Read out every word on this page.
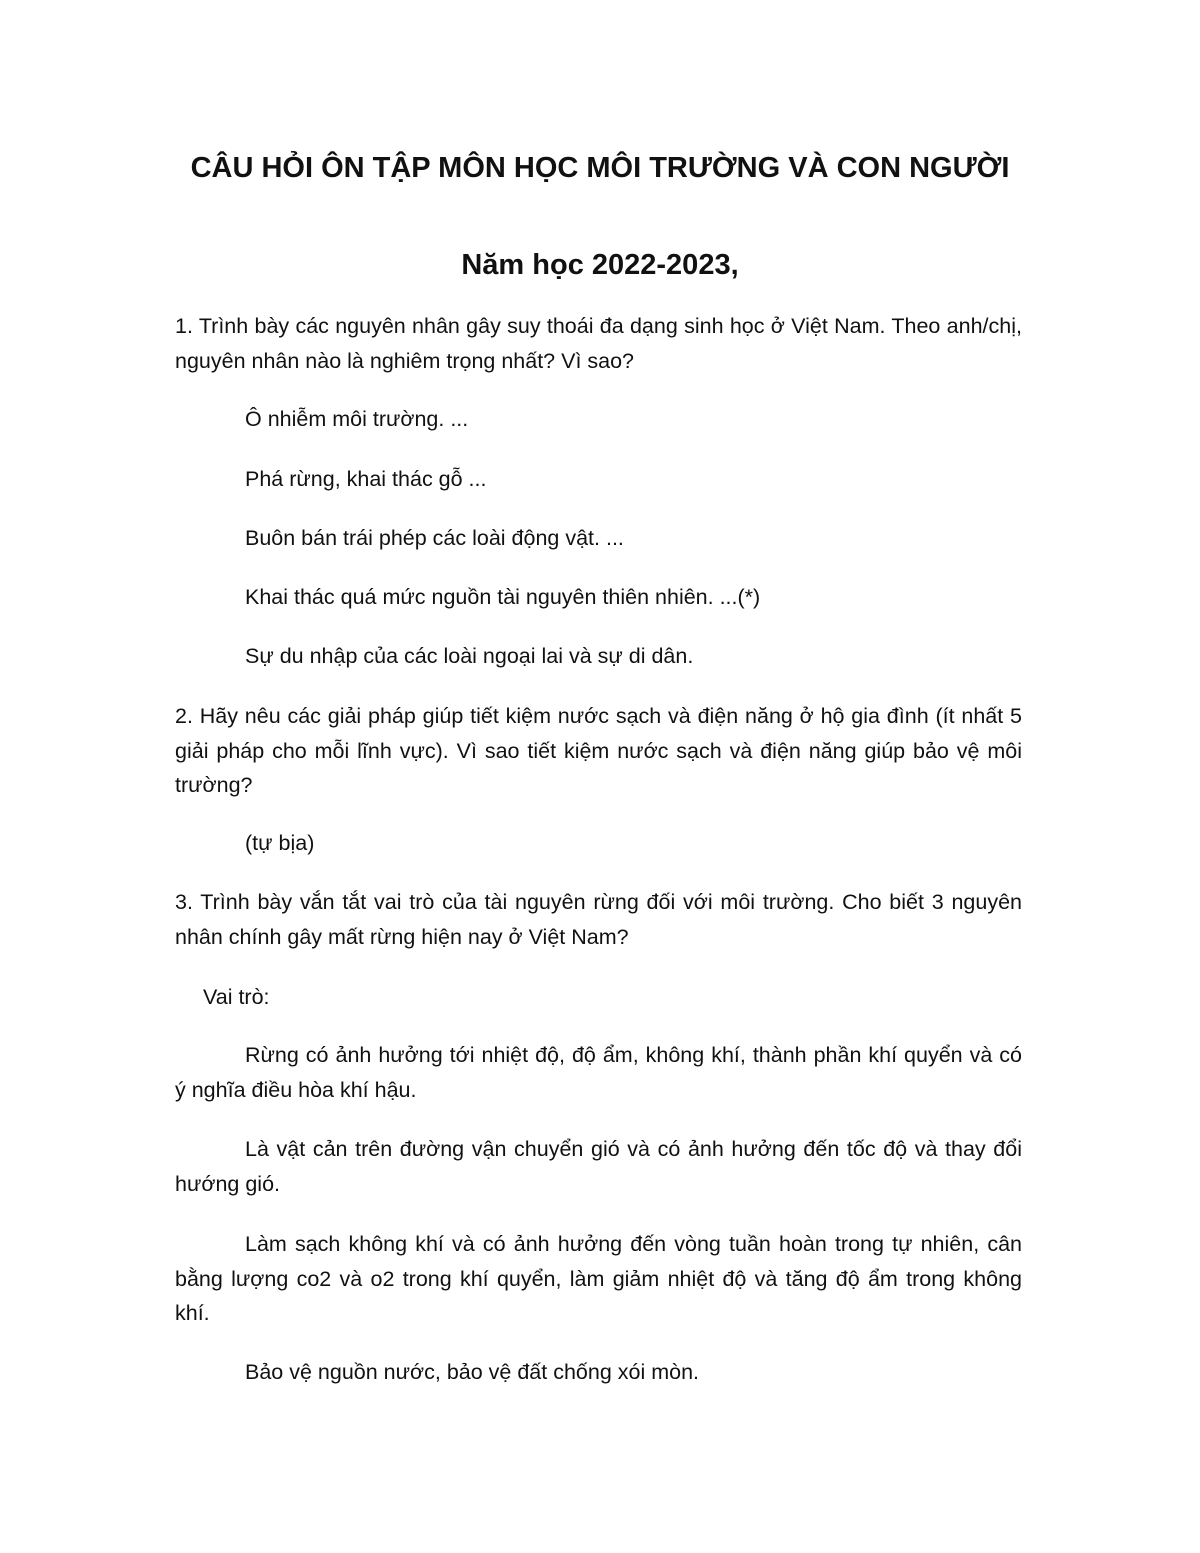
CÂU HỎI ÔN TẬP MÔN HỌC MÔI TRƯỜNG VÀ CON NGƯỜI
Năm học 2022-2023,

1. Trình bày các nguyên nhân gây suy thoái đa dạng sinh học ở Việt Nam. Theo anh/chị, nguyên nhân nào là nghiêm trọng nhất? Vì sao?

Ô nhiễm môi trường. ...

Phá rừng, khai thác gỗ ...

Buôn bán trái phép các loài động vật. ...

Khai thác quá mức nguồn tài nguyên thiên nhiên. ...(*)

Sự du nhập của các loài ngoại lai và sự di dân.

2. Hãy nêu các giải pháp giúp tiết kiệm nước sạch và điện năng ở hộ gia đình (ít nhất 5 giải pháp cho mỗi lĩnh vực). Vì sao tiết kiệm nước sạch và điện năng giúp bảo vệ môi trường?

(tự bịa)

3. Trình bày vắn tắt vai trò của tài nguyên rừng đối với môi trường. Cho biết 3 nguyên nhân chính gây mất rừng hiện nay ở Việt Nam?

Vai trò:

Rừng có ảnh hưởng tới nhiệt độ, độ ẩm, không khí, thành phần khí quyển và có ý nghĩa điều hòa khí hậu.

Là vật cản trên đường vận chuyển gió và có ảnh hưởng đến tốc độ và thay đổi hướng gió.

Làm sạch không khí và có ảnh hưởng đến vòng tuần hoàn trong tự nhiên, cân bằng lượng co2 và o2 trong khí quyển, làm giảm nhiệt độ và tăng độ ẩm trong không khí.

Bảo vệ nguồn nước, bảo vệ đất chống xói mòn.
